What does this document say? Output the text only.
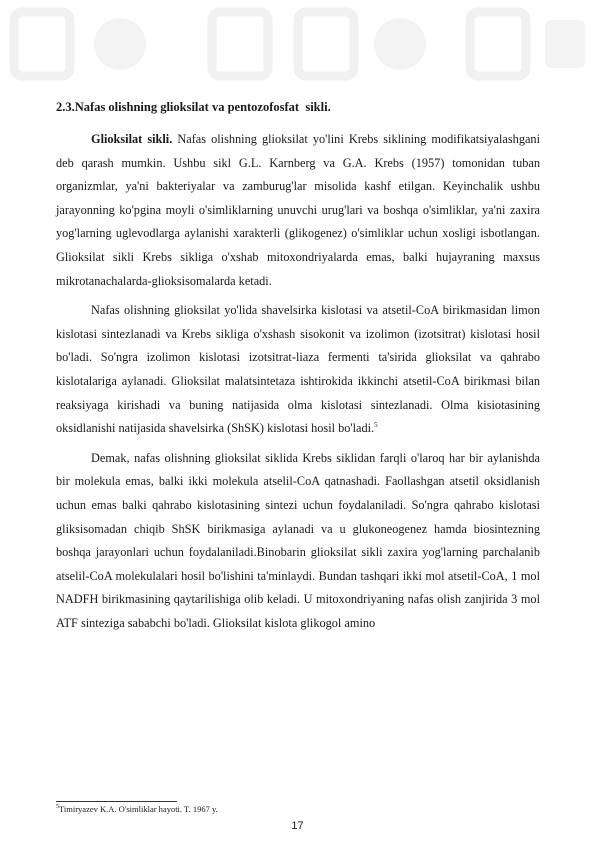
2.3.Nafas olishning glioksilat va pentozofosfat  sikli.

Glioksilat sikli. Nafas olishning glioksilat yo'lini Krebs siklining modifikatsiyalashgani deb qarash mumkin. Ushbu sikl G.L. Karnberg va G.A. Krebs (1957) tomonidan tuban organizmlar, ya'ni bakteriyalar va zamburug'lar misolida kashf etilgan. Keyinchalik ushbu jarayonning ko'pgina moyli o'simliklarning unuvchi urug'lari va boshqa o'simliklar, ya'ni zaxira yog'larning uglevodlarga aylanishi xarakterli (glikogenez) o'simliklar uchun xosligi isbotlangan. Glioksilat sikli Krebs sikliga o'xshab mitoxondriyalarda emas, balki hujayraning maxsus mikrotanachalarda-glioksisomalarda ketadi.

Nafas olishning glioksilat yo'lida shavelsirka kislotasi va atsetil-CoA birikmasidan limon kislotasi sintezlanadi va Krebs sikliga o'xshash sisokonit va izolimon (izotsitrat) kislotasi hosil bo'ladi. So'ngra izolimon kislotasi izotsitrat-liaza fermenti ta'sirida glioksilat va qahrabo kislotalariga aylanadi. Glioksilat malatsintetaza ishtirokida ikkinchi atsetil-CoA birikmasi bilan reaksiyaga kirishadi va buning natijasida olma kislotasi sintezlanadi. Olma kisiotasining oksidlanishi natijasida shavelsirka (ShSK) kislotasi hosil bo'ladi.$^5$

Demak, nafas olishning glioksilat siklida Krebs siklidan farqli o'laroq har bir aylanishda bir molekula emas, balki ikki molekula atselil-CoA qatnashadi. Faollashgan atsetil oksidlanish uchun emas balki qahrabo kislotasining sintezi uchun foydalaniladi. So'ngra qahrabo kislotasi gliksisomadan chiqib ShSK birikmasiga aylanadi va u glukoneogenez hamda biosintezning boshqa jarayonlari uchun foydalaniladi.Binobarin glioksilat sikli zaxira yog'larning parchalanib atselil-CoA molekulalari hosil bo'lishini ta'minlaydi. Bundan tashqari ikki mol atsetil-CoA, 1 mol NADFH birikmasining qaytarilishiga olib keladi. U mitoxondriyaning nafas olish zanjirida 3 mol ATF sinteziga sababchi bo'ladi. Glioksilat kislota glikogol amino

$^5$Timiryazev K.A. O'simliklar hayoti. T. 1967 y.
17
